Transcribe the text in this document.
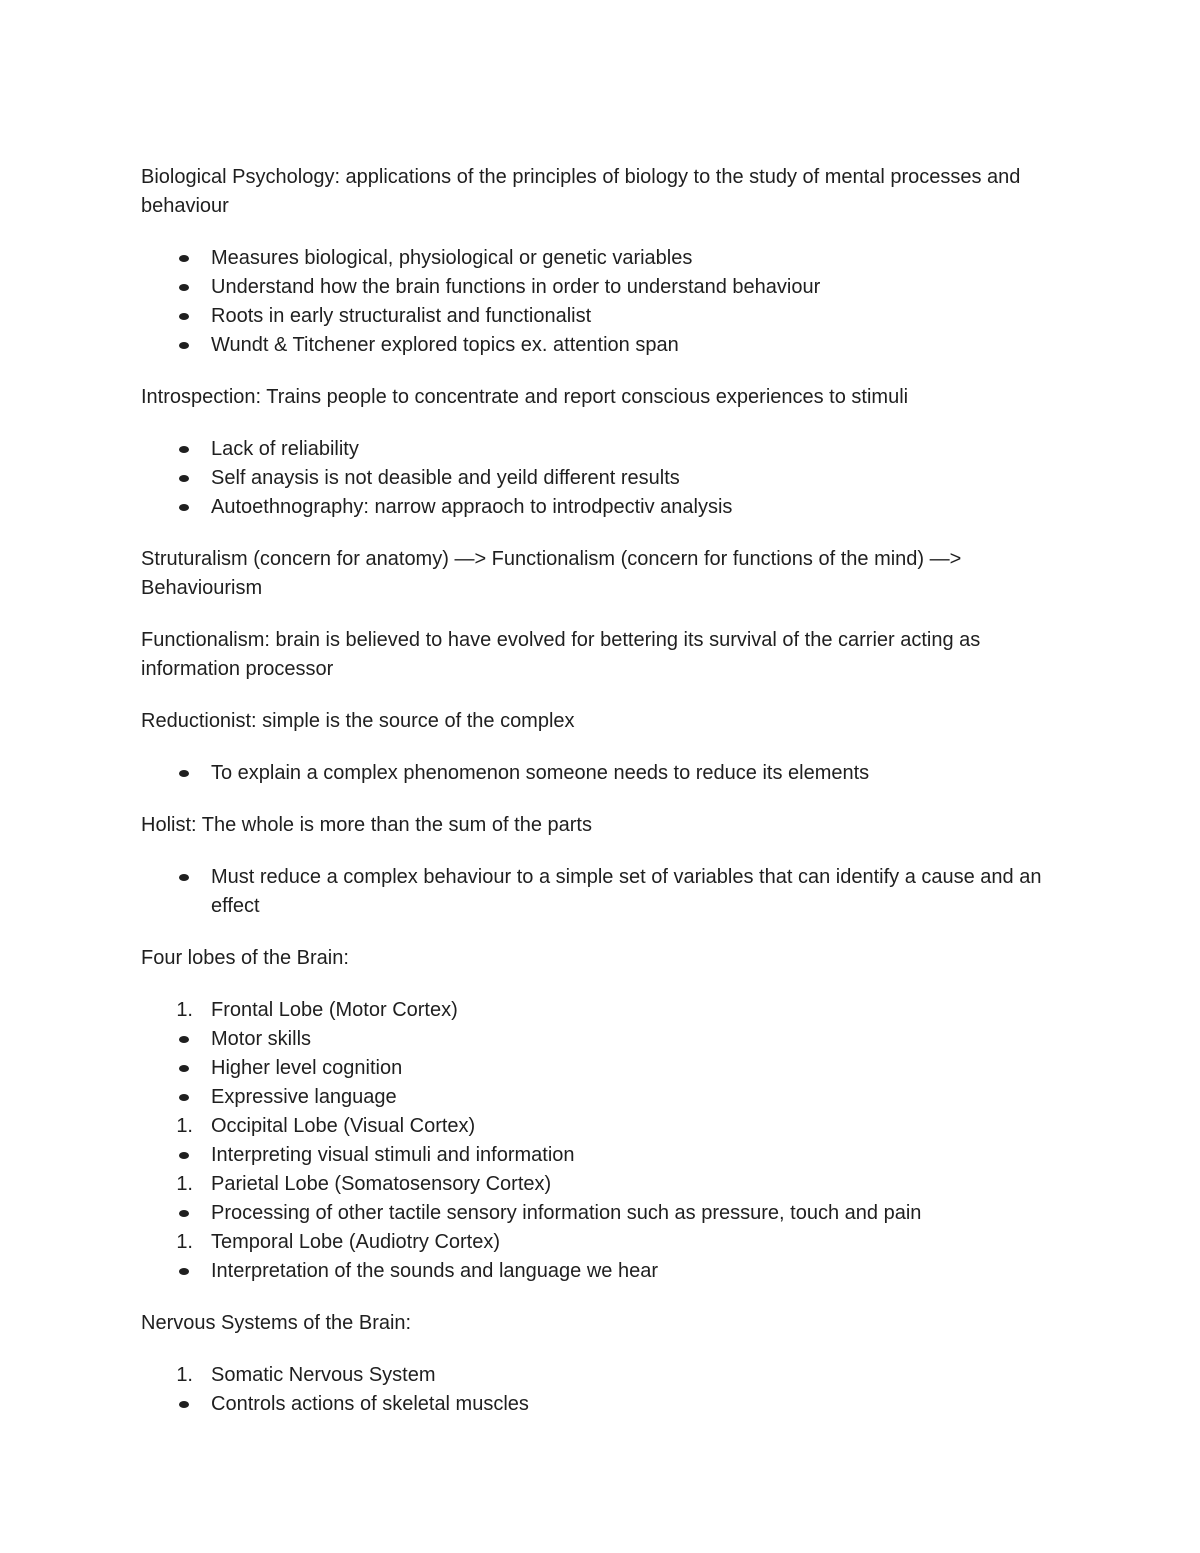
Biological Psychology: applications of the principles of biology to the study of mental processes and behaviour

Measures biological, physiological or genetic variables
Understand how the brain functions in order to understand behaviour
Roots in early structuralist and functionalist
Wundt & Titchener explored topics ex. attention span

Introspection: Trains people to concentrate and report conscious experiences to stimuli

Lack of reliability
Self anaysis is not deasible and yeild different results
Autoethnography: narrow appraoch to introdpectiv analysis

Struturalism (concern for anatomy) —> Functionalism (concern for functions of the mind) —> Behaviourism

Functionalism: brain is believed to have evolved for bettering its survival of the carrier acting as information processor

Reductionist: simple is the source of the complex

To explain a complex phenomenon someone needs to reduce its elements

Holist: The whole is more than the sum of the parts

Must reduce a complex behaviour to a simple set of variables that can identify a cause and an effect

Four lobes of the Brain:

1. Frontal Lobe (Motor Cortex)
Motor skills
Higher level cognition
Expressive language
1. Occipital Lobe (Visual Cortex)
Interpreting visual stimuli and information
1. Parietal Lobe (Somatosensory Cortex)
Processing of other tactile sensory information such as pressure, touch and pain
1. Temporal Lobe (Audiotry Cortex)
Interpretation of the sounds and language we hear

Nervous Systems of the Brain:

1. Somatic Nervous System
Controls actions of skeletal muscles
